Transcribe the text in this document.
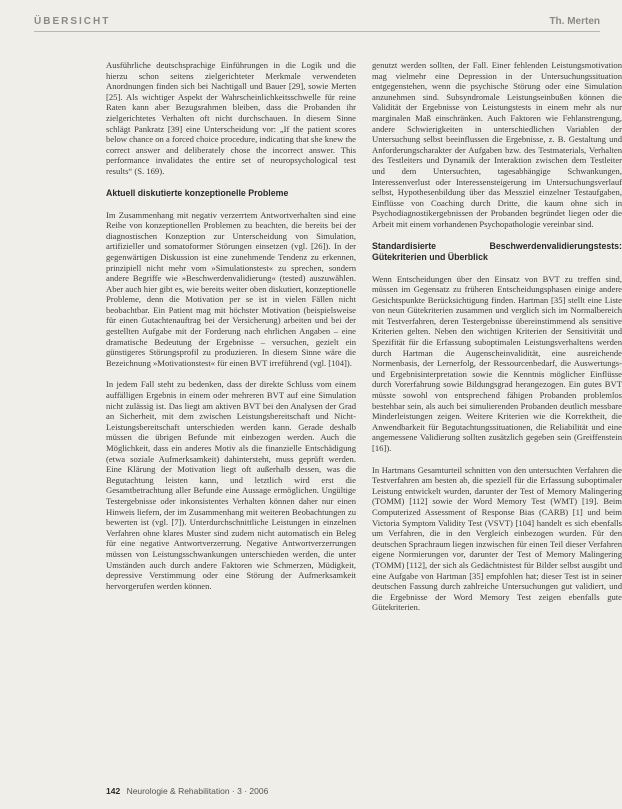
ÜBERSICHT	Th. Merten

Ausführliche deutschsprachige Einführungen in die Logik und die hierzu schon seitens zielgerichteter Merkmale verwendeten Anordnungen finden sich bei Nachtigall und Bauer [29], sowie Merten [25]. Als wichtiger Aspekt der Wahrscheinlichkeitsschwelle für reine Raten kann aber Bezugsrahmen bleiben, dass die Probanden ihr zielgerichtetes Verhalten oft nicht durchschauen. In diesem Sinne schlägt Pankratz [39] eine Unterscheidung vor: „If the patient scores below chance on a forced choice procedure, indicating that she knew the correct answer and deliberately chose the incorrect answer. This performance invalidates the entire set of neuropsychological test results“ (S. 169).

Aktuell diskutierte konzeptionelle Probleme

Im Zusammenhang mit negativ verzerrtem Antwortverhalten sind eine Reihe von konzeptionellen Problemen zu beachten, die bereits bei der diagnostischen Konzeption zur Unterscheidung von Simulation, artifizieller und somatoformer Störungen einsetzen (vgl. [26]). In der gegenwärtigen Diskussion ist eine zunehmende Tendenz zu erkennen, prinzipiell nicht mehr vom »Simulationstest« zu sprechen, sondern andere Begriffe wie »Beschwerdenvalidierung« (tested) auszuwählen. Aber auch hier gibt es, wie bereits weiter oben diskutiert, konzeptionelle Probleme, denn die Motivation per se ist in vielen Fällen nicht beobachtbar. Ein Patient mag mit höchster Motivation (beispielsweise für einen Gutachtenauftrag bei der Versicherung) arbeiten und bei der gestellten Aufgabe mit der Forderung nach ehrlichen Angaben – eine dramatische Bedeutung der Ergebnisse – versuchen, gezielt ein günstigeres Störungsprofil zu produzieren. In diesem Sinne wäre die Bezeichnung »Motivationstest« für einen BVT irreführend (vgl. [104]).

In jedem Fall steht zu bedenken, dass der direkte Schluss vom einem auffälligen Ergebnis in einem oder mehreren BVT auf eine Simulation nicht zulässig ist. Das liegt am aktiven BVT bei den Analysen der Grad an Sicherheit, mit dem zwischen Leistungsbereitschaft und Nicht-Leistungsbereitschaft unterschieden werden kann. Gerade deshalb müssen die übrigen Befunde mit einbezogen werden. Auch die Möglichkeit, dass ein anderes Motiv als die finanzielle Entschädigung (etwa soziale Aufmerksamkeit) dahintersteht, muss geprüft werden. Eine Klärung der Motivation liegt oft außerhalb dessen, was die Begutachtung leisten kann, und letztlich wird erst die Gesamtbetrachtung aller Befunde eine Aussage ermöglichen. Ungültige Testergebnisse oder inkonsistentes Verhalten können daher nur einen Hinweis liefern, der im Zusammenhang mit weiteren Beobachtungen zu bewerten ist (vgl. [7]). Unterdurchschnittliche Leistungen in einzelnen Verfahren ohne klares Muster sind zudem nicht automatisch ein Beleg für eine negative Antwortverzerrung. Negative Antwortverzerrungen müssen von Leistungsschwankungen unterschieden werden, die unter Umständen auch durch andere Faktoren wie Schmerzen, Müdigkeit, depressive Verstimmung oder eine Störung der Aufmerksamkeit hervorgerufen werden können.

genutzt werden sollten, der Fall. Einer fehlenden Leistungsmotivation mag vielmehr eine Depression in der Untersuchungssituation entgegenstehen, wenn die psychische Störung oder eine Simulation anzunehmen sind. Subsyndromale Leistungseinbußen können die Validität der Ergebnisse von Leistungstests in einem mehr als nur marginalen Maß einschränken. Auch Faktoren wie Fehlanstrengung, andere Schwierigkeiten in unterschiedlichen Variablen der Untersuchung selbst beeinflussen die Ergebnisse, z. B. Gestaltung und Anforderungscharakter der Aufgaben bzw. des Testmaterials, Verhalten des Testleiters und Dynamik der Interaktion zwischen dem Testleiter und dem Untersuchten, tagesabhängige Schwankungen, Interessenverlust oder Interessensteigerung im Untersuchungsverlauf selbst, Hypothesenbildung über das Messziel einzelner Testaufgaben, Einflüsse von Coaching durch Dritte, die kaum ohne sich in Psychodiagnostikergebnissen der Probanden begründet liegen oder die Arbeit mit einem vorhandenen Psychopathologie vereinbar sind.

Standardisierte Beschwerdenvalidierungstests: Gütekriterien und Überblick

Wenn Entscheidungen über den Einsatz von BVT zu treffen sind, müssen im Gegensatz zu früheren Entscheidungsphasen einige andere Gesichtspunkte Berücksichtigung finden. Hartman [35] stellt eine Liste von neun Gütekriterien zusammen und verglich sich im Normalbereich mit Testverfahren, deren Testergebnisse übereinstimmend als sensitive Kriterien gelten. Neben den wichtigen Kriterien der Sensitivität und Spezifität für die Erfassung suboptimalen Leistungsverhaltens werden durch Hartman die Augenscheinvalidität, eine ausreichende Normenbasis, der Lernerfolg, der Ressourcenbedarf, die Auswertungs- und Ergebnisinterpretation sowie die Kenntnis möglicher Einflüsse durch Vorerfahrung sowie Bildungsgrad herangezogen. Ein gutes BVT müsste sowohl von entsprechend fähigen Probanden problemlos bestehbar sein, als auch bei simulierenden Probanden deutlich messbare Minderleistungen zeigen. Weitere Kriterien wie die Korrektheit, die Anwendbarkeit für Begutachtungssituationen, die Reliabilität und eine angemessene Validierung sollten zusätzlich gegeben sein (Greiffenstein [16]).

In Hartmans Gesamturteil schnitten von den untersuchten Verfahren die Testverfahren am besten ab, die speziell für die Erfassung suboptimaler Leistung entwickelt wurden, darunter der Test of Memory Malingering (TOMM) [112] sowie der Word Memory Test (WMT) [19]. Beim Computerized Assessment of Response Bias (CARB) [1] und beim Victoria Symptom Validity Test (VSVT) [104] handelt es sich ebenfalls um Verfahren, die in den Vergleich einbezogen wurden. Für den deutschen Sprachraum liegen inzwischen für einen Teil dieser Verfahren eigene Normierungen vor, darunter der Test of Memory Malingering (TOMM) [112], der sich als Gedächtnistest für Bilder selbst ausgibt und eine Aufgabe von Hartman [35] empfohlen hat; dieser Test ist in seiner deutschen Fassung durch zahlreiche Untersuchungen gut validiert, und die Ergebnisse der Word Memory Test zeigen ebenfalls gute Gütekriterien.

142 Neurologie & Rehabilitation · 3 · 2006
